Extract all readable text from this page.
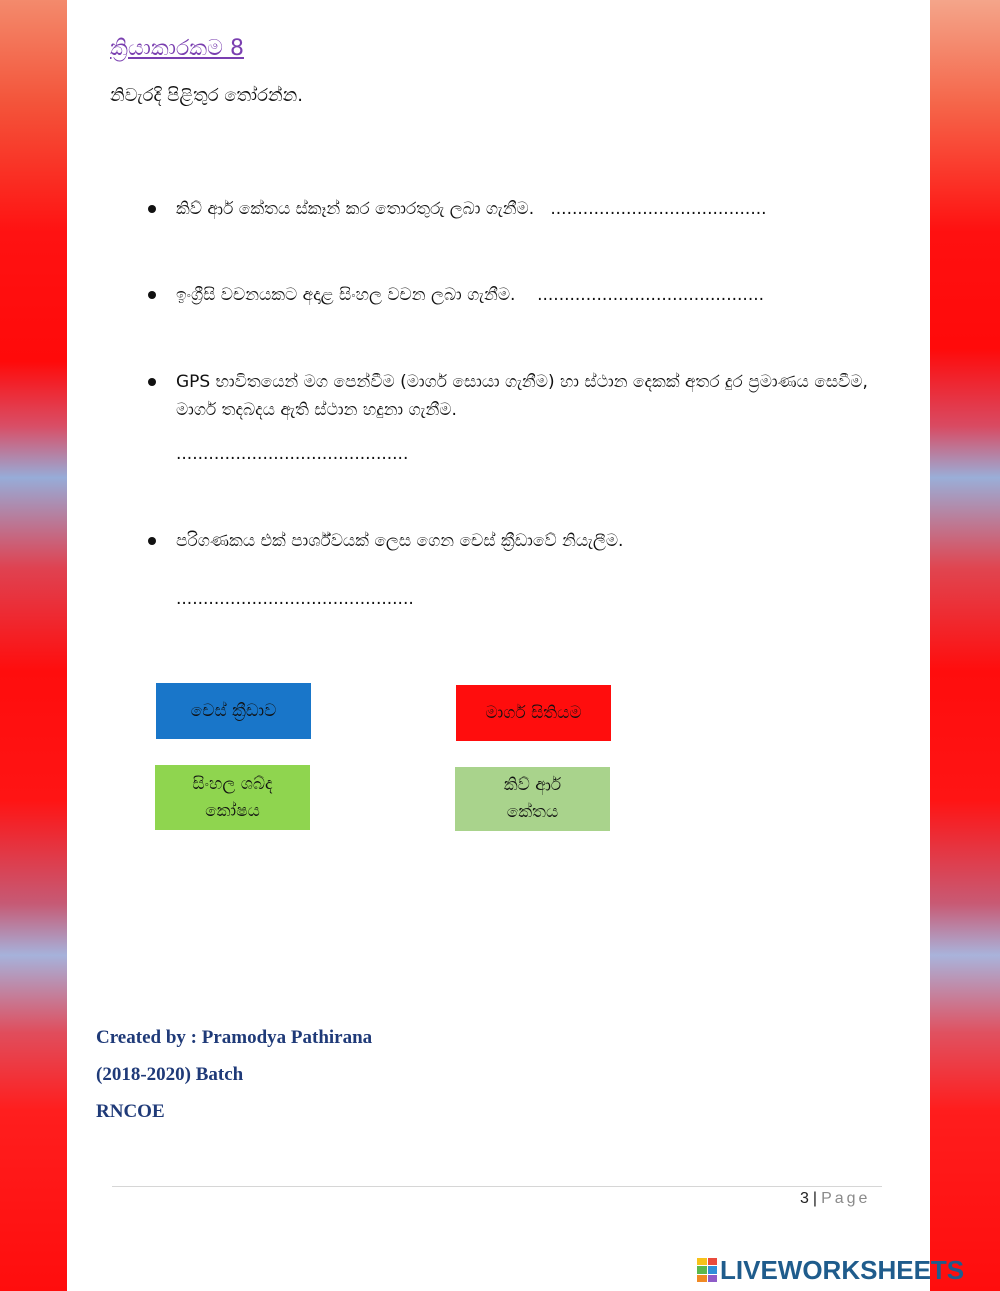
ක්‍රියාකාරකම 8
නිවැරදි පිළිතුර තෝරන්න.
කිව් ආර් කේතය ස්කෑන් කර තොරතුරු ලබා ගැනීම. ........................................
ඉංග්‍රීසි වචනයකට අදාළ සිංහල වචන ලබා ගැනීම. ..........................................
GPS භාවිතයෙන් මග පෙන්වීම (මාර්ග සොයා ගැනීම) හා ස්ථාන දෙකක් අතර දුර ප්‍රමාණය සෙවීම, මාර්ග තදබදය ඇති ස්ථාන හදුනා ගැනීම.
...........................................
පරිගණකය එක් පාර්ශ්වයක් ලෙස ගෙන චෙස් ක්‍රීඩාවේ නියැලීම.
............................................
චෙස් ක්‍රීඩාව	මාර්ග සිතියම
සිංහල ශබ්ද
කෝෂය
කිව් ආර්
කේතය
Created by : Pramodya Pathirana
(2018-2020) Batch
RNCOE
3 | Page
LIVEWORKSHEETS
